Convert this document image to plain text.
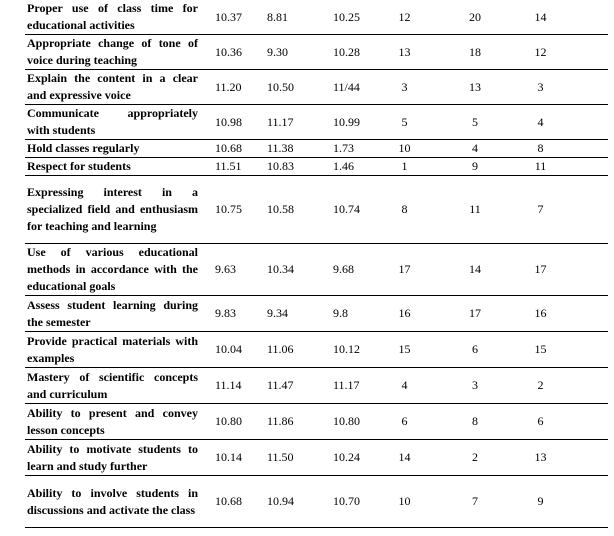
Proper use of class time for educational activities	10.37	8.81	10.25	12	20	14
Appropriate change of tone of voice during teaching	10.36	9.30	10.28	13	18	12
Explain the content in a clear and expressive voice	11.20	10.50	11/44	3	13	3
Communicate appropriately with students	10.98	11.17	10.99	5	5	4
Hold classes regularly	10.68	11.38	1.73	10	4	8
Respect for students	11.51	10.83	1.46	1	9	11
Expressing interest in a specialized field and enthusiasm for teaching and learning	10.75	10.58	10.74	8	11	7
Use of various educational methods in accordance with the educational goals	9.63	10.34	9.68	17	14	17
Assess student learning during the semester	9.83	9.34	9.8	16	17	16
Provide practical materials with examples	10.04	11.06	10.12	15	6	15
Mastery of scientific concepts and curriculum	11.14	11.47	11.17	4	3	2
Ability to present and convey lesson concepts	10.80	11.86	10.80	6	8	6
Ability to motivate students to learn and study further	10.14	11.50	10.24	14	2	13
Ability to involve students in discussions and activate the class	10.68	10.94	10.70	10	7	9
